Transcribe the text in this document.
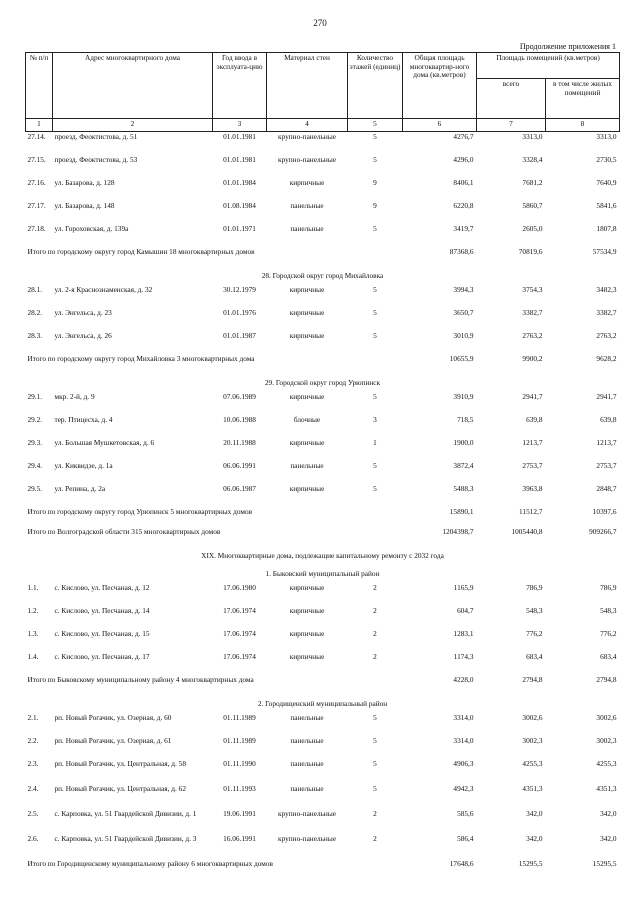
270
Продолжение приложения 1
№ п/п	Адрес многоквартирного дома	Год ввода в эксплуата-цию	Материал стен	Количество этажей (единиц)	Общая площадь многоквартир-ного дома (кв.метров)	Площадь помещений (кв.метров)	
						всего	в том числе жилых помещений
1	2	3	4	5	6	7	8
27.14.	проезд. Феоктистова, д. 51	01.01.1981	крупно-панельные	5	4276,7	3313,0	3313,0
27.15.	проезд. Феоктистова, д. 53	01.01.1981	крупно-панельные	5	4296,0	3328,4	2730,5
27.16.	ул. Базарова, д. 128	01.01.1984	кирпичные	9	8406,1	7681,2	7640,9
27.17.	ул. Базарова, д. 148	01.08.1984	панельные	9	6220,8	5860,7	5841,6
27.18.	ул. Гороховская, д. 139а	01.01.1971	панельные	5	3419,7	2605,0	1807,8
Итого по городскому округу город Камышин 18 многоквартирных домов					87368,6	70819,6	57534,9
28. Городской округ город Михайловка							
28.1.	ул. 2-я Краснознаменская, д. 32	30.12.1979	кирпичные	5	3994,3	3754,3	3482,3
28.2.	ул. Энгельса, д. 23	01.01.1976	кирпичные	5	3650,7	3382,7	3382,7
28.3.	ул. Энгельса, д. 26	01.01.1987	кирпичные	5	3010,9	2763,2	2763,2
Итого по городскому округу город Михайловка 3 многоквартирных дома					10655,9	9900,2	9628,2
29. Городской округ город Урюпинск							
29.1.	мкр. 2-й, д. 9	07.06.1989	кирпичные	5	3910,9	2941,7	2941,7
29.2.	тер. Птицесха, д. 4	10.06.1988	блочные	3	718,5	639,8	639,8
29.3.	ул. Большая Мушкетовская, д. 6	20.11.1988	кирпичные	1	1900,0	1213,7	1213,7
29.4.	ул. Киквидзе, д. 1а	06.06.1991	панельные	5	3872,4	2753,7	2753,7
29.5.	ул. Репина, д. 2а	06.06.1987	кирпичные	5	5488,3	3963,8	2848,7
Итого по городскому округу город Урюпинск 5 многоквартирных домов					15890,1	11512,7	10397,6
Итого по Волгоградской области 315 многоквартирных домов					1204398,7	1005440,8	909266,7
XIX. Многоквартирные дома, подлежащие капитальному ремонту с 2032 года							
1. Быковский муниципальный район							
1.1.	с. Кислово, ул. Песчаная, д. 12	17.06.1980	кирпичные	2	1165,9	786,9	786,9
1.2.	с. Кислово, ул. Песчаная, д. 14	17.06.1974	кирпичные	2	604,7	548,3	548,3
1.3.	с. Кислово, ул. Песчаная, д. 15	17.06.1974	кирпичные	2	1283,1	776,2	776,2
1.4.	с. Кислово, ул. Песчаная, д. 17	17.06.1974	кирпичные	2	1174,3	683,4	683,4
Итого по Быковскому муниципальному району 4 многоквартирных дома					4228,0	2794,8	2794,8
2. Городищенский муниципальный район							
2.1.	рп. Новый Рогачик, ул. Озерная, д. 60	01.11.1989	панельные	5	3314,0	3002,6	3002,6
2.2.	рп. Новый Рогачик, ул. Озерная, д. 61	01.11.1989	панельные	5	3314,0	3002,3	3002,3
2.3.	рп. Новый Рогачик, ул. Центральная, д. 58	01.11.1990	панельные	5	4906,3	4255,3	4255,3
2.4.	рп. Новый Рогачик, ул. Центральная, д. 62	01.11.1993	панельные	5	4942,3	4351,3	4351,3
2.5.	с. Карповка, ул. 51 Гвардейской Дивизии, д. 1	19.06.1991	крупно-панельные	2	585,6	342,0	342,0
2.6.	с. Карповка, ул. 51 Гвардейской Дивизии, д. 3	16.06.1991	крупно-панельные	2	586,4	342,0	342,0
Итого по Городищенскому муниципальному району 6 многоквартирных домов					17648,6	15295,5	15295,5
